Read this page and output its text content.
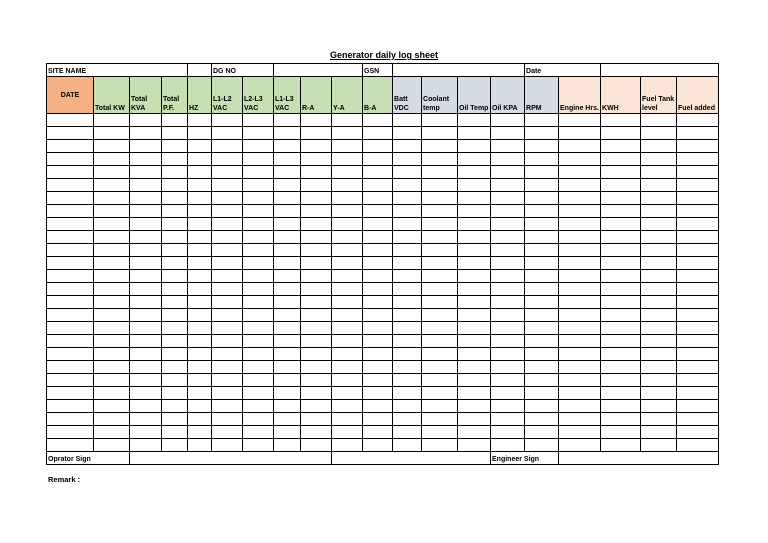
Generator daily log sheet
SITE NAME					DG NO					GSN					Date				
DATE	Total KW	Total KVA	Total P.F.	HZ	L1-L2 VAC	L2-L3 VAC	L1-L3 VAC	R-A	Y-A	B-A	Batt VDC	Coolant temp	Oil Temp	Oil KPA	RPM	Engine Hrs.	KWH	Fuel Tank level	Fuel added

Oprator Sign														Engineer Sign					
Remark :
